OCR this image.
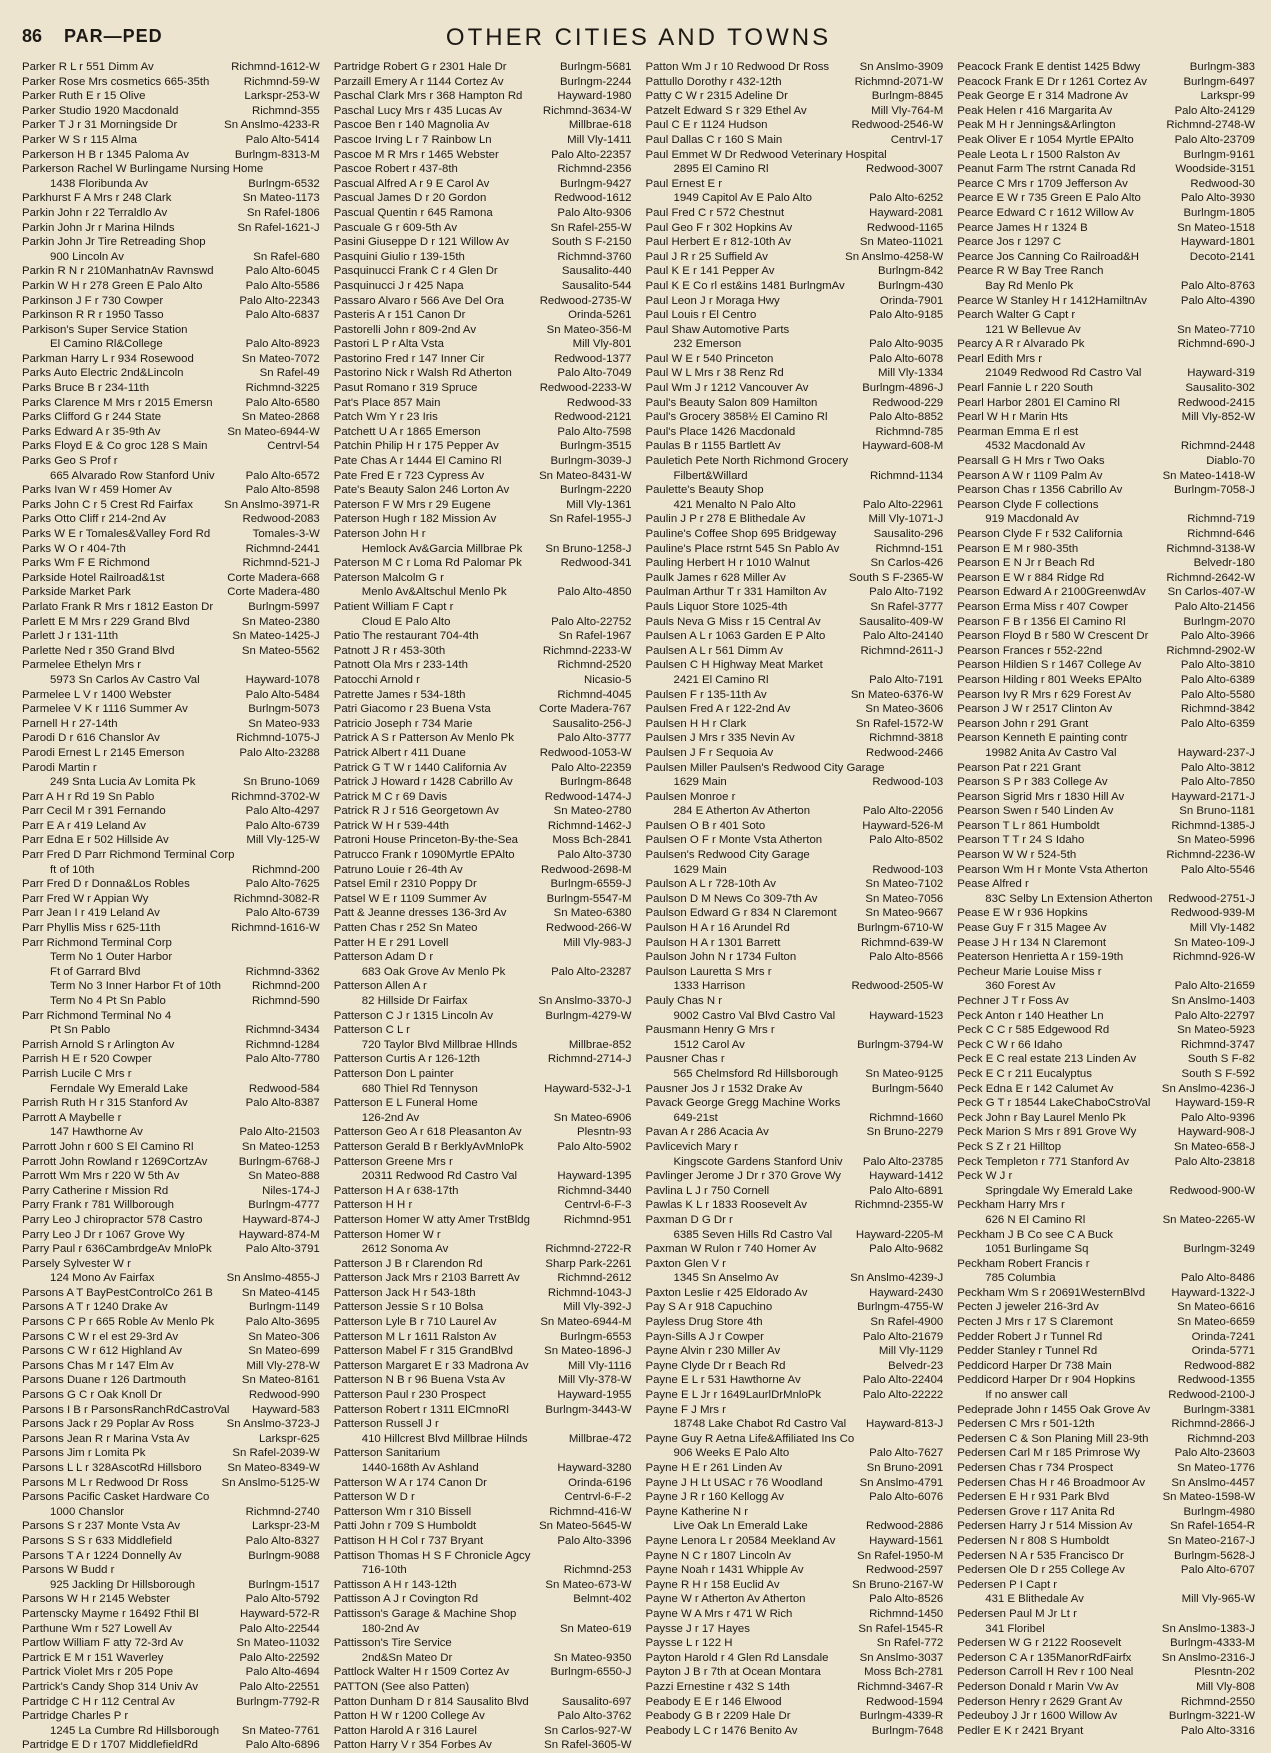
86 PAR—PED	OTHER CITIES AND TOWNS
Richmnd-1612-W
Parker R L r 551 Dimm Av
Richmnd-59-W
Parker Rose Mrs cosmetics 665-35th
Larkspr-253-W
Parker Ruth E r 15 Olive
Richmnd-355
Parker Studio 1920 Macdonald
Sn Anslmo-4233-R
Parker T J r 31 Morningside Dr
Palo Alto-5414
Parker W S r 115 Alma
Burlngm-8313-M
Parkerson H B r 1345 Paloma Av
Parkerson Rachel W Burlingame Nursing Home
Burlngm-6532
1438 Floribunda Av
Sn Mateo-1173
Parkhurst F A Mrs r 248 Clark
Sn Rafel-1806
Parkin John r 22 Terraldlo Av
Sn Rafel-1621-J
Parkin John Jr r Marina Hilnds
Parkin John Jr Tire Retreading Shop
Sn Rafel-680
900 Lincoln Av
Palo Alto-6045
Parkin R N r 210ManhatnAv Ravnswd
Palo Alto-5586
Parkin W H r 278 Green E Palo Alto
Palo Alto-22343
Parkinson J F r 730 Cowper
Palo Alto-6837
Parkinson R R r 1950 Tasso
Parkison's Super Service Station
Palo Alto-8923
El Camino Rl&College
Sn Mateo-7072
Parkman Harry L r 934 Rosewood
Sn Rafel-49
Parks Auto Electric 2nd&Lincoln
Richmnd-3225
Parks Bruce B r 234-11th
Palo Alto-6580
Parks Clarence M Mrs r 2015 Emersn
Sn Mateo-2868
Parks Clifford G r 244 State
Sn Mateo-6944-W
Parks Edward A r 35-9th Av
Centrvl-54
Parks Floyd E & Co groc 128 S Main
Parks Geo S Prof r
Palo Alto-6572
665 Alvarado Row Stanford Univ
Palo Alto-8598
Parks Ivan W r 459 Homer Av
Sn Anslmo-3971-R
Parks John C r 5 Crest Rd Fairfax
Redwood-2083
Parks Otto Cliff r 214-2nd Av
Tomales-3-W
Parks W E r Tomales&Valley Ford Rd
Richmnd-2441
Parks W O r 404-7th
Richmnd-521-J
Parks Wm F E Richmond
Corte Madera-668
Parkside Hotel Railroad&1st
Corte Madera-480
Parkside Market Park
Burlngm-5997
Parlato Frank R Mrs r 1812 Easton Dr
Sn Mateo-2380
Parlett E M Mrs r 229 Grand Blvd
Sn Mateo-1425-J
Parlett J r 131-11th
Sn Mateo-5562
Parlette Ned r 350 Grand Blvd
Parmelee Ethelyn Mrs r
Hayward-1078
5973 Sn Carlos Av Castro Val
Palo Alto-5484
Parmelee L V r 1400 Webster
Burlngm-5073
Parmelee V K r 1116 Summer Av
Sn Mateo-933
Parnell H r 27-14th
Richmnd-1075-J
Parodi D r 616 Chanslor Av
Palo Alto-23288
Parodi Ernest L r 2145 Emerson
Parodi Martin r
Sn Bruno-1069
249 Snta Lucia Av Lomita Pk
Richmnd-3702-W
Parr A H r Rd 19 Sn Pablo
Palo Alto-4297
Parr Cecil M r 391 Fernando
Palo Alto-6739
Parr E A r 419 Leland Av
Mill Vly-125-W
Parr Edna E r 502 Hillside Av
Parr Fred D Parr Richmond Terminal Corp
Richmnd-200
ft of 10th
Palo Alto-7625
Parr Fred D r Donna&Los Robles
Richmnd-3082-R
Parr Fred W r Appian Wy
Palo Alto-6739
Parr Jean I r 419 Leland Av
Richmnd-1616-W
Parr Phyllis Miss r 625-11th
Parr Richmond Terminal Corp
Term No 1 Outer Harbor
Richmnd-3362
Ft of Garrard Blvd
Richmnd-200
Term No 3 Inner Harbor Ft of 10th
Richmnd-590
Term No 4 Pt Sn Pablo
Parr Richmond Terminal No 4
Richmnd-3434
Pt Sn Pablo
Richmnd-1284
Parrish Arnold S r Arlington Av
Palo Alto-7780
Parrish H E r 520 Cowper
Parrish Lucile C Mrs r
Redwood-584
Ferndale Wy Emerald Lake
Palo Alto-8387
Parrish Ruth H r 315 Stanford Av
Parrott A Maybelle r
Palo Alto-21503
147 Hawthorne Av
Sn Mateo-1253
Parrott John r 600 S El Camino Rl
Burlngm-6768-J
Parrott John Rowland r 1269CortzAv
Sn Mateo-888
Parrott Wm Mrs r 220 W 5th Av
Niles-174-J
Parry Catherine r Mission Rd
Burlngm-4777
Parry Frank r 781 Willborough
Hayward-874-J
Parry Leo J chiropractor 578 Castro
Hayward-874-M
Parry Leo J Dr r 1067 Grove Wy
Palo Alto-3791
Parry Paul r 636CambrdgeAv MnloPk
Parsely Sylvester W r
Sn Anslmo-4855-J
124 Mono Av Fairfax
Sn Mateo-4145
Parsons A T BayPestControlCo 261 B
Burlngm-1149
Parsons A T r 1240 Drake Av
Palo Alto-3695
Parsons C P r 665 Roble Av Menlo Pk
Sn Mateo-306
Parsons C W r el est 29-3rd Av
Sn Mateo-699
Parsons C W r 612 Highland Av
Mill Vly-278-W
Parsons Chas M r 147 Elm Av
Sn Mateo-8161
Parsons Duane r 126 Dartmouth
Redwood-990
Parsons G C r Oak Knoll Dr
Hayward-583
Parsons I B r ParsonsRanchRdCastroVal
Sn Anslmo-3723-J
Parsons Jack r 29 Poplar Av Ross
Larkspr-625
Parsons Jean R r Marina Vsta Av
Sn Rafel-2039-W
Parsons Jim r Lomita Pk
Sn Mateo-8349-W
Parsons L L r 328AscotRd Hillsboro
Sn Anslmo-5125-W
Parsons M L r Redwood Dr Ross
Parsons Pacific Casket Hardware Co
Richmnd-2740
1000 Chanslor
Larkspr-23-M
Parsons S r 237 Monte Vsta Av
Palo Alto-8327
Parsons S S r 633 Middlefield
Burlngm-9088
Parsons T A r 1224 Donnelly Av
Parsons W Budd r
Burlngm-1517
925 Jackling Dr Hillsborough
Palo Alto-5792
Parsons W H r 2145 Webster
Hayward-572-R
Partenscky Mayme r 16492 Fthil Bl
Palo Alto-22544
Parthune Wm r 527 Lowell Av
Sn Mateo-11032
Partlow William F atty 72-3rd Av
Palo Alto-22592
Partrick E M r 151 Waverley
Palo Alto-4694
Partrick Violet Mrs r 205 Pope
Palo Alto-22551
Partrick's Candy Shop 314 Univ Av
Burlngm-7792-R
Partridge C H r 112 Central Av
Partridge Charles P r
Sn Mateo-7761
1245 La Cumbre Rd Hillsborough
Palo Alto-6896
Partridge E D r 1707 MiddlefieldRd
Burlngm-5681
Partridge Robert G r 2301 Hale Dr
Burlngm-2244
Parzaill Emery A r 1144 Cortez Av
Hayward-1980
Paschal Clark Mrs r 368 Hampton Rd
Richmnd-3634-W
Paschal Lucy Mrs r 435 Lucas Av
Millbrae-618
Pascoe Ben r 140 Magnolia Av
Mill Vly-1411
Pascoe Irving L r 7 Rainbow Ln
Palo Alto-22357
Pascoe M R Mrs r 1465 Webster
Richmnd-2356
Pascoe Robert r 437-8th
Burlngm-9427
Pascual Alfred A r 9 E Carol Av
Redwood-1612
Pascual James D r 20 Gordon
Palo Alto-9306
Pascual Quentin r 645 Ramona
Sn Rafel-255-W
Pascuale G r 609-5th Av
South S F-2150
Pasini Giuseppe D r 121 Willow Av
Richmnd-3760
Pasquini Giulio r 139-15th
Sausalito-440
Pasquinucci Frank C r 4 Glen Dr
Sausalito-544
Pasquinucci J r 425 Napa
Redwood-2735-W
Passaro Alvaro r 566 Ave Del Ora
Orinda-5261
Pasteris A r 151 Canon Dr
Sn Mateo-356-M
Pastorelli John r 809-2nd Av
Mill Vly-801
Pastori L P r Alta Vsta
Redwood-1377
Pastorino Fred r 147 Inner Cir
Palo Alto-7049
Pastorino Nick r Walsh Rd Atherton
Redwood-2233-W
Pasut Romano r 319 Spruce
Redwood-33
Pat's Place 857 Main
Redwood-2121
Patch Wm Y r 23 Iris
Palo Alto-7598
Patchett U A r 1865 Emerson
Burlngm-3515
Patchin Philip H r 175 Pepper Av
Burlngm-3039-J
Pate Chas A r 1444 El Camino Rl
Sn Mateo-8431-W
Pate Fred E r 723 Cypress Av
Burlngm-2220
Pate's Beauty Salon 246 Lorton Av
Mill Vly-1361
Paterson F W Mrs r 29 Eugene
Sn Rafel-1955-J
Paterson Hugh r 182 Mission Av
Paterson John H r
Sn Bruno-1258-J
Hemlock Av&Garcia Millbrae Pk
Redwood-341
Paterson M C r Loma Rd Palomar Pk
Paterson Malcolm G r
Palo Alto-4850
Menlo Av&Altschul Menlo Pk
Patient William F Capt r
Palo Alto-22752
Cloud E Palo Alto
Sn Rafel-1967
Patio The restaurant 704-4th
Richmnd-2233-W
Patnott J R r 453-30th
Richmnd-2520
Patnott Ola Mrs r 233-14th
Nicasio-5
Patocchi Arnold r
Richmnd-4045
Patrette James r 534-18th
Corte Madera-767
Patri Giacomo r 23 Buena Vsta
Sausalito-256-J
Patricio Joseph r 734 Marie
Palo Alto-3777
Patrick A S r Patterson Av Menlo Pk
Redwood-1053-W
Patrick Albert r 411 Duane
Palo Alto-22359
Patrick G T W r 1440 California Av
Burlngm-8648
Patrick J Howard r 1428 Cabrillo Av
Redwood-1474-J
Patrick M C r 69 Davis
Sn Mateo-2780
Patrick R J r 516 Georgetown Av
Richmnd-1462-J
Patrick W H r 539-44th
Moss Bch-2841
Patroni House Princeton-By-the-Sea
Palo Alto-3730
Patrucco Frank r 1090Myrtle EPAlto
Redwood-2698-M
Patruno Louie r 26-4th Av
Burlngm-6559-J
Patsel Emil r 2310 Poppy Dr
Burlngm-5547-M
Patsel W E r 1109 Summer Av
Sn Mateo-6380
Patt & Jeanne dresses 136-3rd Av
Redwood-266-W
Patten Chas r 252 Sn Mateo
Mill Vly-983-J
Patter H E r 291 Lovell
Patterson Adam D r
Palo Alto-23287
683 Oak Grove Av Menlo Pk
Patterson Allen A r
Sn Anslmo-3370-J
82 Hillside Dr Fairfax
Burlngm-4279-W
Patterson C J r 1315 Lincoln Av
Patterson C L r
Millbrae-852
720 Taylor Blvd Millbrae Hllnds
Richmnd-2714-J
Patterson Curtis A r 126-12th
Patterson Don L painter
Hayward-532-J-1
680 Thiel Rd Tennyson
Patterson E L Funeral Home
Sn Mateo-6906
126-2nd Av
Plesntn-93
Patterson Geo A r 618 Pleasanton Av
Palo Alto-5902
Patterson Gerald B r BerklyAvMnloPk
Patterson Greene Mrs r
Hayward-1395
20311 Redwood Rd Castro Val
Richmnd-3440
Patterson H A r 638-17th
Centrvl-6-F-3
Patterson H H r
Richmnd-951
Patterson Homer W atty Amer TrstBldg
Patterson Homer W r
Richmnd-2722-R
2612 Sonoma Av
Sharp Park-2261
Patterson J B r Clarendon Rd
Richmnd-2612
Patterson Jack Mrs r 2103 Barrett Av
Richmnd-1043-J
Patterson Jack H r 543-18th
Mill Vly-392-J
Patterson Jessie S r 10 Bolsa
Sn Mateo-6944-M
Patterson Lyle B r 710 Laurel Av
Burlngm-6553
Patterson M L r 1611 Ralston Av
Sn Mateo-1896-J
Patterson Mabel F r 315 GrandBlvd
Mill Vly-1116
Patterson Margaret E r 33 Madrona Av
Mill Vly-378-W
Patterson N B r 96 Buena Vsta Av
Hayward-1955
Patterson Paul r 230 Prospect
Burlngm-3443-W
Patterson Robert r 1311 ElCmnoRl
Patterson Russell J r
Millbrae-472
410 Hillcrest Blvd Millbrae Hilnds
Patterson Sanitarium
Hayward-3280
1440-168th Av Ashland
Orinda-6196
Patterson W A r 174 Canon Dr
Centrvl-6-F-2
Patterson W D r
Richmnd-416-W
Patterson Wm r 310 Bissell
Sn Mateo-5645-W
Patti John r 709 S Humboldt
Palo Alto-3396
Pattison H H Col r 737 Bryant
Pattison Thomas H S F Chronicle Agcy
Richmnd-253
716-10th
Sn Mateo-673-W
Pattisson A H r 143-12th
Belmnt-402
Pattisson A J r Covington Rd
Pattisson's Garage & Machine Shop
Sn Mateo-619
180-2nd Av
Pattisson's Tire Service
Sn Mateo-9350
2nd&Sn Mateo Dr
Burlngm-6550-J
Pattlock Walter H r 1509 Cortez Av
PATTON (See also Patten)
Sausalito-697
Patton Dunham D r 814 Sausalito Blvd
Palo Alto-3762
Patton H W r 1200 College Av
Sn Carlos-927-W
Patton Harold A r 316 Laurel
Sn Rafel-3605-W
Patton Harry V r 354 Forbes Av
Sn Anslmo-3909
Patton Wm J r 10 Redwood Dr Ross
Richmnd-2071-W
Pattullo Dorothy r 432-12th
Burlngm-8845
Patty C W r 2315 Adeline Dr
Mill Vly-764-M
Patzelt Edward S r 329 Ethel Av
Redwood-2546-W
Paul C E r 1124 Hudson
Centrvl-17
Paul Dallas C r 160 S Main
Paul Emmet W Dr Redwood Veterinary Hospital
Redwood-3007
2895 El Camino Rl
Paul Ernest E r
Palo Alto-6252
1949 Capitol Av E Palo Alto
Hayward-2081
Paul Fred C r 572 Chestnut
Redwood-1165
Paul Geo F r 302 Hopkins Av
Sn Mateo-11021
Paul Herbert E r 812-10th Av
Sn Anslmo-4258-W
Paul J R r 25 Suffield Av
Burlngm-842
Paul K E r 141 Pepper Av
Burlngm-430
Paul K E Co rl est&ins 1481 BurlngmAv
Orinda-7901
Paul Leon J r Moraga Hwy
Palo Alto-9185
Paul Louis r El Centro
Paul Shaw Automotive Parts
Palo Alto-9035
232 Emerson
Palo Alto-6078
Paul W E r 540 Princeton
Mill Vly-1334
Paul W L Mrs r 38 Renz Rd
Burlngm-4896-J
Paul Wm J r 1212 Vancouver Av
Redwood-229
Paul's Beauty Salon 809 Hamilton
Palo Alto-8852
Paul's Grocery 3858½ El Camino Rl
Richmnd-785
Paul's Place 1426 Macdonald
Hayward-608-M
Paulas B r 1155 Bartlett Av
Pauletich Pete North Richmond Grocery
Richmnd-1134
Filbert&Willard
Paulette's Beauty Shop
Palo Alto-22961
421 Menalto N Palo Alto
Mill Vly-1071-J
Paulin J P r 278 E Blithedale Av
Sausalito-296
Pauline's Coffee Shop 695 Bridgeway
Richmnd-151
Pauline's Place rstrnt 545 Sn Pablo Av
Sn Carlos-426
Pauling Herbert H r 1010 Walnut
South S F-2365-W
Paulk James r 628 Miller Av
Palo Alto-7192
Paulman Arthur T r 331 Hamilton Av
Sn Rafel-3777
Pauls Liquor Store 1025-4th
Sausalito-409-W
Pauls Neva G Miss r 15 Central Av
Palo Alto-24140
Paulsen A L r 1063 Garden E P Alto
Richmnd-2611-J
Paulsen A L r 561 Dimm Av
Paulsen C H Highway Meat Market
Palo Alto-7191
2421 El Camino Rl
Sn Mateo-6376-W
Paulsen F r 135-11th Av
Sn Mateo-3606
Paulsen Fred A r 122-2nd Av
Sn Rafel-1572-W
Paulsen H H r Clark
Richmnd-3818
Paulsen J Mrs r 335 Nevin Av
Redwood-2466
Paulsen J F r Sequoia Av
Paulsen Miller Paulsen's Redwood City Garage
Redwood-103
1629 Main
Paulsen Monroe r
Palo Alto-22056
284 E Atherton Av Atherton
Hayward-526-M
Paulsen O B r 401 Soto
Palo Alto-8502
Paulsen O F r Monte Vsta Atherton
Paulsen's Redwood City Garage
Redwood-103
1629 Main
Sn Mateo-7102
Paulson A L r 728-10th Av
Sn Mateo-7056
Paulson D M News Co 309-7th Av
Sn Mateo-9667
Paulson Edward G r 834 N Claremont
Burlngm-6710-W
Paulson H A r 16 Arundel Rd
Richmnd-639-W
Paulson H A r 1301 Barrett
Palo Alto-8566
Paulson John N r 1734 Fulton
Paulson Lauretta S Mrs r
Redwood-2505-W
1333 Harrison
Pauly Chas N r
Hayward-1523
9002 Castro Val Blvd Castro Val
Pausmann Henry G Mrs r
Burlngm-3794-W
1512 Carol Av
Pausner Chas r
Sn Mateo-9125
565 Chelmsford Rd Hillsborough
Burlngm-5640
Pausner Jos J r 1532 Drake Av
Pavack George Gregg Machine Works
Richmnd-1660
649-21st
Sn Bruno-2279
Pavan A r 286 Acacia Av
Pavlicevich Mary r
Palo Alto-23785
Kingscote Gardens Stanford Univ
Hayward-1412
Pavlinger Jerome J Dr r 370 Grove Wy
Palo Alto-6891
Pavlina L J r 750 Cornell
Richmnd-2355-W
Pawlas K L r 1833 Roosevelt Av
Paxman D G Dr r
Hayward-2205-M
6385 Seven Hills Rd Castro Val
Palo Alto-9682
Paxman W Rulon r 740 Homer Av
Paxton Glen V r
Sn Anslmo-4239-J
1345 Sn Anselmo Av
Hayward-2430
Paxton Leslie r 425 Eldorado Av
Burlngm-4755-W
Pay S A r 918 Capuchino
Sn Rafel-4900
Payless Drug Store 4th
Palo Alto-21679
Payn-Sills A J r Cowper
Mill Vly-1129
Payne Alvin r 230 Miller Av
Belvedr-23
Payne Clyde Dr r Beach Rd
Palo Alto-22404
Payne E L r 531 Hawthorne Av
Palo Alto-22222
Payne E L Jr r 1649LaurlDrMnloPk
Payne F J Mrs r
Hayward-813-J
18748 Lake Chabot Rd Castro Val
Payne Guy R Aetna Life&Affiliated Ins Co
Palo Alto-7627
906 Weeks E Palo Alto
Sn Bruno-2091
Payne H E r 261 Linden Av
Sn Anslmo-4791
Payne J H Lt USAC r 76 Woodland
Palo Alto-6076
Payne J R r 160 Kellogg Av
Payne Katherine N r
Redwood-2886
Live Oak Ln Emerald Lake
Hayward-1561
Payne Lenora L r 20584 Meekland Av
Sn Rafel-1950-M
Payne N C r 1807 Lincoln Av
Redwood-2597
Payne Noah r 1431 Whipple Av
Sn Bruno-2167-W
Payne R H r 158 Euclid Av
Palo Alto-8526
Payne W r Atherton Av Atherton
Richmnd-1450
Payne W A Mrs r 471 W Rich
Sn Rafel-1545-R
Paysse J r 17 Hayes
Sn Rafel-772
Paysse L r 122 H
Sn Anslmo-3037
Payton Harold r 4 Glen Rd Lansdale
Moss Bch-2781
Payton J B r 7th at Ocean Montara
Richmnd-3467-R
Pazzi Ernestine r 432 S 14th
Redwood-1594
Peabody E E r 146 Elwood
Burlngm-4339-R
Peabody G B r 2209 Hale Dr
Burlngm-7648
Peabody L C r 1476 Benito Av
Burlngm-383
Peacock Frank E dentist 1425 Bdwy
Burlngm-6497
Peacock Frank E Dr r 1261 Cortez Av
Larkspr-99
Peak George E r 314 Madrone Av
Palo Alto-24129
Peak Helen r 416 Margarita Av
Richmnd-2748-W
Peak M H r Jennings&Arlington
Palo Alto-23709
Peak Oliver E r 1054 Myrtle EPAlto
Burlngm-9161
Peale Leota L r 1500 Ralston Av
Woodside-3151
Peanut Farm The rstrnt Canada Rd
Redwood-30
Pearce C Mrs r 1709 Jefferson Av
Palo Alto-3930
Pearce E W r 735 Green E Palo Alto
Burlngm-1805
Pearce Edward C r 1612 Willow Av
Sn Mateo-1518
Pearce James H r 1324 B
Hayward-1801
Pearce Jos r 1297 C
Decoto-2141
Pearce Jos Canning Co Railroad&H
Pearce R W Bay Tree Ranch
Palo Alto-8763
Bay Rd Menlo Pk
Palo Alto-4390
Pearce W Stanley H r 1412HamiltnAv
Pearch Walter G Capt r
Sn Mateo-7710
121 W Bellevue Av
Richmnd-690-J
Pearcy A R r Alvarado Pk
Pearl Edith Mrs r
Hayward-319
21049 Redwood Rd Castro Val
Sausalito-302
Pearl Fannie L r 220 South
Redwood-2415
Pearl Harbor 2801 El Camino Rl
Mill Vly-852-W
Pearl W H r Marin Hts
Pearman Emma E rl est
Richmnd-2448
4532 Macdonald Av
Diablo-70
Pearsall G H Mrs r Two Oaks
Sn Mateo-1418-W
Pearson A W r 1109 Palm Av
Burlngm-7058-J
Pearson Chas r 1356 Cabrillo Av
Pearson Clyde F collections
Richmnd-719
919 Macdonald Av
Richmnd-646
Pearson Clyde F r 532 California
Richmnd-3138-W
Pearson E M r 980-35th
Belvedr-180
Pearson E N Jr r Beach Rd
Richmnd-2642-W
Pearson E W r 884 Ridge Rd
Sn Carlos-407-W
Pearson Edward A r 2100GreenwdAv
Palo Alto-21456
Pearson Erma Miss r 407 Cowper
Burlngm-2070
Pearson F B r 1356 El Camino Rl
Palo Alto-3966
Pearson Floyd B r 580 W Crescent Dr
Richmnd-2902-W
Pearson Frances r 552-22nd
Palo Alto-3810
Pearson Hildien S r 1467 College Av
Palo Alto-6389
Pearson Hilding r 801 Weeks EPAlto
Palo Alto-5580
Pearson Ivy R Mrs r 629 Forest Av
Richmnd-3842
Pearson J W r 2517 Clinton Av
Palo Alto-6359
Pearson John r 291 Grant
Pearson Kenneth E painting contr
Hayward-237-J
19982 Anita Av Castro Val
Palo Alto-3812
Pearson Pat r 221 Grant
Palo Alto-7850
Pearson S P r 383 College Av
Hayward-2171-J
Pearson Sigrid Mrs r 1830 Hill Av
Sn Bruno-1181
Pearson Swen r 540 Linden Av
Richmnd-1385-J
Pearson T L r 861 Humboldt
Sn Mateo-5996
Pearson T T r 24 S Idaho
Richmnd-2236-W
Pearson W W r 524-5th
Palo Alto-5546
Pearson Wm H r Monte Vsta Atherton
Pease Alfred r
Redwood-2751-J
83C Selby Ln Extension Atherton
Redwood-939-M
Pease E W r 936 Hopkins
Mill Vly-1482
Pease Guy F r 315 Magee Av
Sn Mateo-109-J
Pease J H r 134 N Claremont
Richmnd-926-W
Peaterson Henrietta A r 159-19th
Pecheur Marie Louise Miss r
Palo Alto-21659
360 Forest Av
Sn Anslmo-1403
Pechner J T r Foss Av
Palo Alto-22797
Peck Anton r 140 Heather Ln
Sn Mateo-5923
Peck C C r 585 Edgewood Rd
Richmnd-3747
Peck C W r 66 Idaho
South S F-82
Peck E C real estate 213 Linden Av
South S F-592
Peck E C r 211 Eucalyptus
Sn Anslmo-4236-J
Peck Edna E r 142 Calumet Av
Hayward-159-R
Peck G T r 18544 LakeChaboCstroVal
Palo Alto-9396
Peck John r Bay Laurel Menlo Pk
Hayward-908-J
Peck Marion S Mrs r 891 Grove Wy
Sn Mateo-658-J
Peck S Z r 21 Hilltop
Palo Alto-23818
Peck Templeton r 771 Stanford Av
Peck W J r
Redwood-900-W
Springdale Wy Emerald Lake
Peckham Harry Mrs r
Sn Mateo-2265-W
626 N El Camino Rl
Peckham J B Co see C A Buck
Burlngm-3249
1051 Burlingame Sq
Peckham Robert Francis r
Palo Alto-8486
785 Columbia
Hayward-1322-J
Peckham Wm S r 20691WesternBlvd
Sn Mateo-6616
Pecten J jeweler 216-3rd Av
Sn Mateo-6659
Pecten J Mrs r 17 S Claremont
Orinda-7241
Pedder Robert J r Tunnel Rd
Orinda-5771
Pedder Stanley r Tunnel Rd
Redwood-882
Peddicord Harper Dr 738 Main
Redwood-1355
Peddicord Harper Dr r 904 Hopkins
Redwood-2100-J
If no answer call
Burlngm-3381
Pedeprade John r 1455 Oak Grove Av
Richmnd-2866-J
Pedersen C Mrs r 501-12th
Richmnd-203
Pedersen C & Son Planing Mill 23-9th
Palo Alto-23603
Pedersen Carl M r 185 Primrose Wy
Sn Mateo-1776
Pedersen Chas r 734 Prospect
Sn Anslmo-4457
Pedersen Chas H r 46 Broadmoor Av
Sn Mateo-1598-W
Pedersen E H r 931 Park Blvd
Burlngm-4980
Pedersen Grove r 117 Anita Rd
Sn Rafel-1654-R
Pedersen Harry J r 514 Mission Av
Sn Mateo-2167-J
Pedersen N r 808 S Humboldt
Burlngm-5628-J
Pedersen N A r 535 Francisco Dr
Palo Alto-6707
Pedersen Ole D r 255 College Av
Pedersen P I Capt r
Mill Vly-965-W
431 E Blithedale Av
Pedersen Paul M Jr Lt r
Sn Anslmo-1383-J
341 Floribel
Burlngm-4333-M
Pedersen W G r 2122 Roosevelt
Sn Anslmo-2316-J
Pederson C A r 135ManorRdFairfx
Plesntn-202
Pederson Carroll H Rev r 100 Neal
Mill Vly-808
Pederson Donald r Marin Vw Av
Richmnd-2550
Pederson Henry r 2629 Grant Av
Burlngm-3221-W
Pedeuboy J Jr r 1600 Willow Av
Palo Alto-3316
Pedler E K r 2421 Bryant
